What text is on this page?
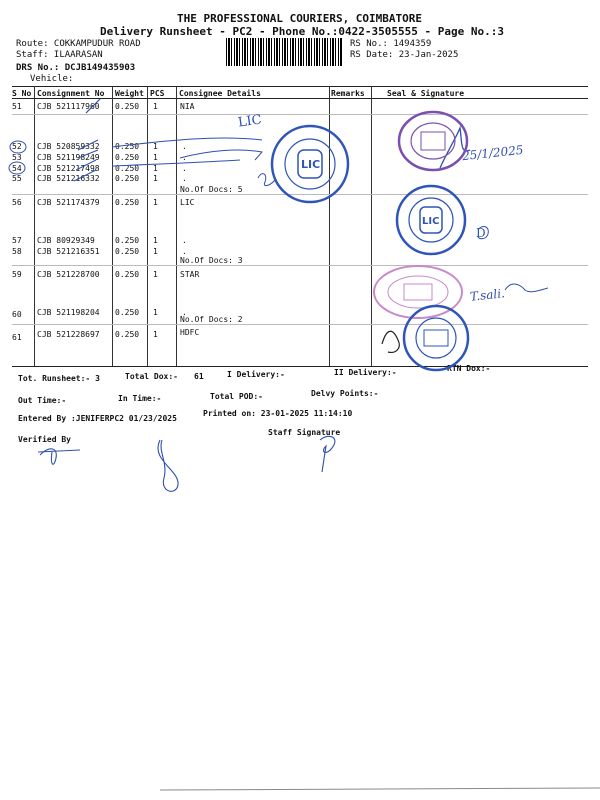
THE PROFESSIONAL COURIERS, COIMBATORE
Delivery Runsheet - PC2 - Phone No.:0422-3505555 - Page No.:3
Route: COKKAMPUDUR ROAD
Staff: ILAARASAN
DRS No.: DCJB149435903
Vehicle:
RS No.: 1494359
RS Date: 23-Jan-2025
S No Consignment No Weight PCS Consignee Details	Remarks	Seal & Signature
51 CJB 521117960 0.250 1	NIA
52 CJB 520859332 0.250 1	.
53 CJB 521198249 0.250 1	.
54 CJB 521217498 0.250 1	.
55 CJB 521216332 0.250 1	.
No.Of Docs: 5
56 CJB 521174379 0.250 1	LIC
57 CJB 80929349	0.250 1	.
58 CJB 521216351 0.250 1	.
No.Of Docs: 3
59 CJB 521228700 0.250 1	STAR
60 CJB 521198204 0.250 1	.
No.Of Docs: 2
61 CJB 521228697 0.250 1	HDFC
Tot. Runsheet:- 3	Total Dox:- 61	I Delivery:-	II Delivery:-	RTN Dox:-
Out Time:-	In Time:-	Total POD:-	Delvy Points:-
Entered By :JENIFERPC2 01/23/2025
Printed on: 23-01-2025 11:14:10
Verified By
Staff Signature
LIC
25/1/2025
T.sali.
D
LIC
LIC
